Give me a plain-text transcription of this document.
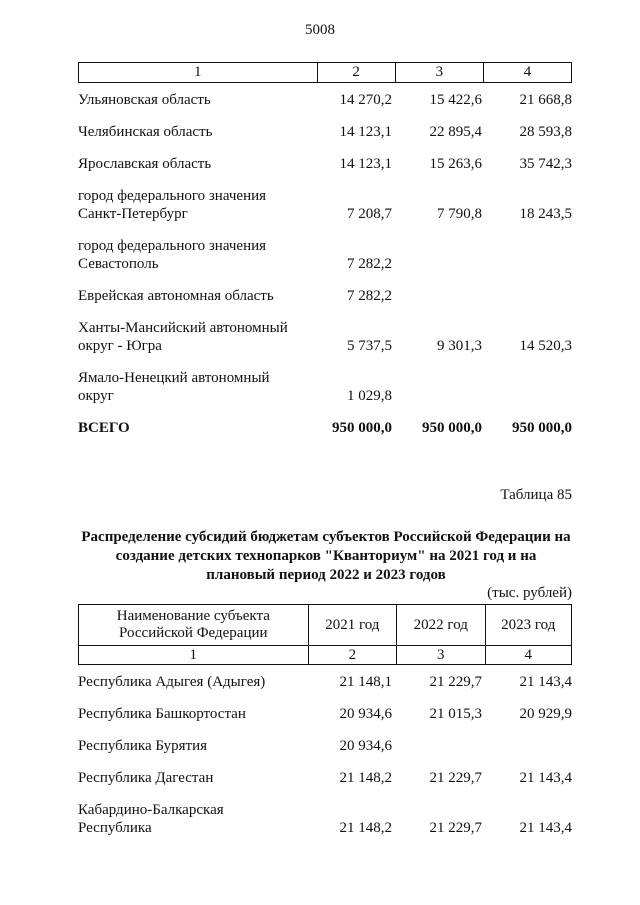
5008
1	2	3	4
Ульяновская область	14 270,2	15 422,6	21 668,8
Челябинская область	14 123,1	22 895,4	28 593,8
Ярославская область	14 123,1	15 263,6	35 742,3
город федерального значения
Санкт-Петербург	7 208,7	7 790,8	18 243,5
город федерального значения
Севастополь	7 282,2
Еврейская автономная область	7 282,2
Ханты-Мансийский автономный
округ - Югра	5 737,5	9 301,3	14 520,3
Ямало-Ненецкий автономный
округ	1 029,8
ВСЕГО	950 000,0	950 000,0	950 000,0
Таблица 85
Распределение субсидий бюджетам субъектов Российской Федерации на
создание детских технопарков "Кванториум" на 2021 год и на
плановый период 2022 и 2023 годов
(тыс. рублей)
Наименование субъекта
Российской Федерации
2021 год	2022 год	2023 год
1	2	3	4
Республика Адыгея (Адыгея)	21 148,1	21 229,7	21 143,4
Республика Башкортостан	20 934,6	21 015,3	20 929,9
Республика Бурятия	20 934,6
Республика Дагестан	21 148,2	21 229,7	21 143,4
Кабардино-Балкарская
Республика	21 148,2	21 229,7	21 143,4
